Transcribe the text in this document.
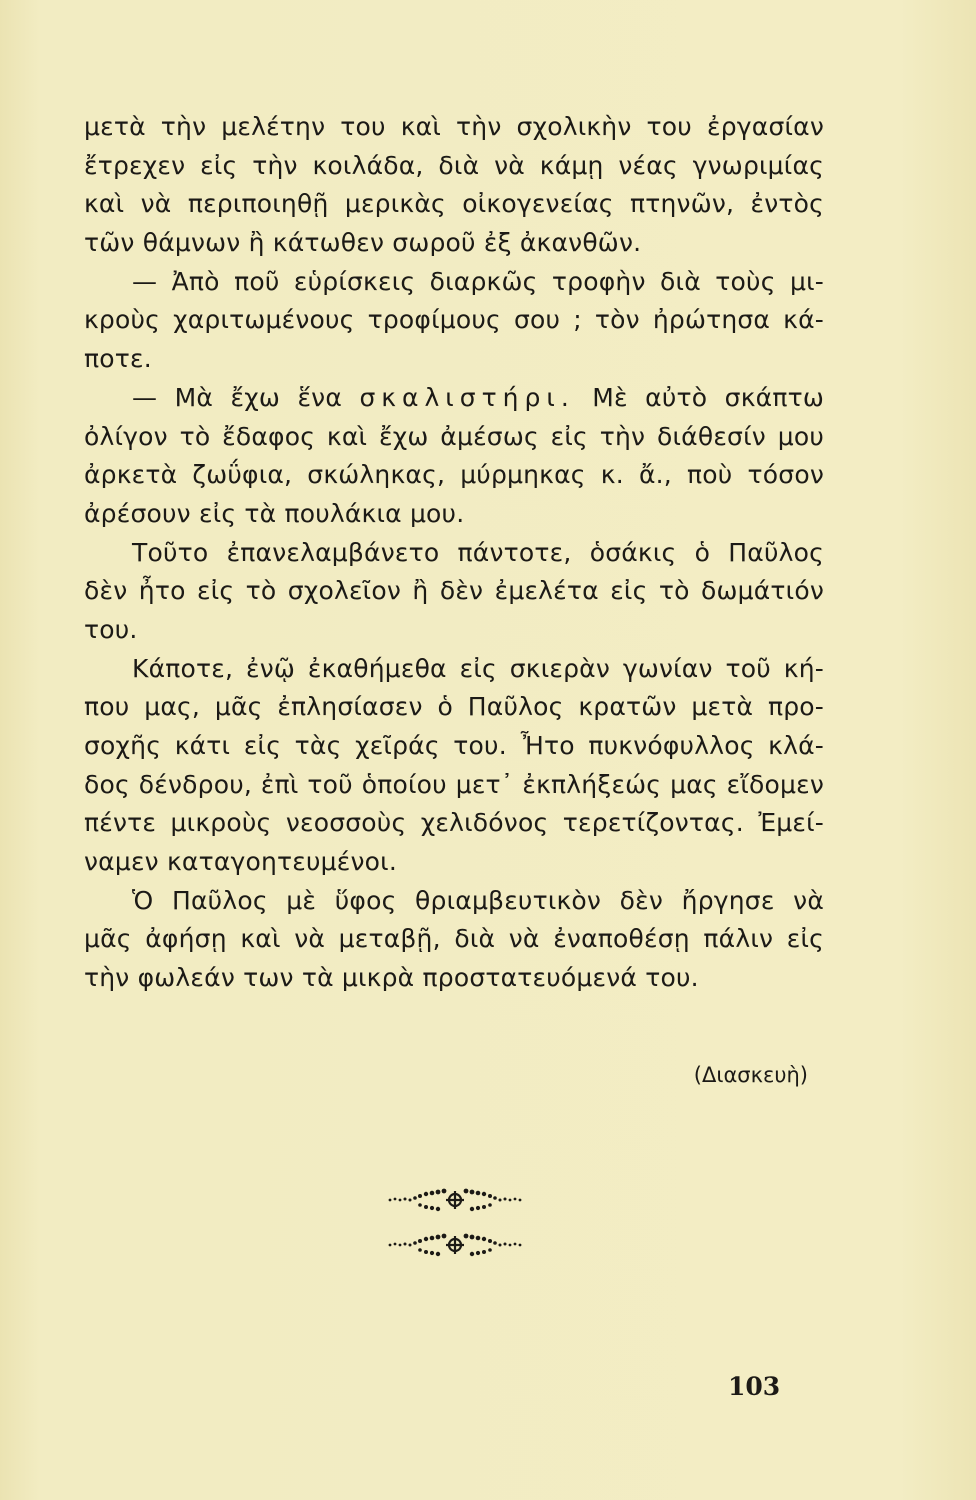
μετὰ τὴν μελέτην του καὶ τὴν σχολικὴν του ἐργασίαν
ἔτρεχεν εἰς τὴν κοιλάδα, διὰ νὰ κάμῃ νέας γνωριμίας
καὶ νὰ περιποιηθῇ μερικὰς οἰκογενείας πτηνῶν, ἐντὸς
τῶν θάμνων ἢ κάτωθεν σωροῦ ἐξ ἀκανθῶν.
— Ἀπὸ ποῦ εὑρίσκεις διαρκῶς τροφὴν διὰ τοὺς μι-
κροὺς χαριτωμένους τροφίμους σου ; τὸν ἠρώτησα κά-
ποτε.
— Μὰ ἔχω ἕνα σκαλιστήρι. Μὲ αὐτὸ σκάπτω
ὀλίγον τὸ ἔδαφος καὶ ἔχω ἀμέσως εἰς τὴν διάθεσίν μου
ἀρκετὰ ζωΰφια, σκώληκας, μύρμηκας κ. ἄ., ποὺ τόσον
ἀρέσουν εἰς τὰ πουλάκια μου.
Τοῦτο ἐπανελαμβάνετο πάντοτε, ὁσάκις ὁ Παῦλος
δὲν ἦτο εἰς τὸ σχολεῖον ἢ δὲν ἐμελέτα εἰς τὸ δωμάτιόν
του.
Κάποτε, ἐνῷ ἐκαθήμεθα εἰς σκιερὰν γωνίαν τοῦ κή-
που μας, μᾶς ἐπλησίασεν ὁ Παῦλος κρατῶν μετὰ προ-
σοχῆς κάτι εἰς τὰς χεῖράς του. Ἦτο πυκνόφυλλος κλά-
δος δένδρου, ἐπὶ τοῦ ὁποίου μετ᾽ ἐκπλήξεώς μας εἴδομεν
πέντε μικροὺς νεοσσοὺς χελιδόνος τερετίζοντας. Ἐμεί-
ναμεν καταγοητευμένοι.
Ὁ Παῦλος μὲ ὕφος θριαμβευτικὸν δὲν ἤργησε νὰ
μᾶς ἀφήσῃ καὶ νὰ μεταβῇ, διὰ νὰ ἐναποθέσῃ πάλιν εἰς
τὴν φωλεάν των τὰ μικρὰ προστατευόμενά του.
(Διασκευὴ)
103
